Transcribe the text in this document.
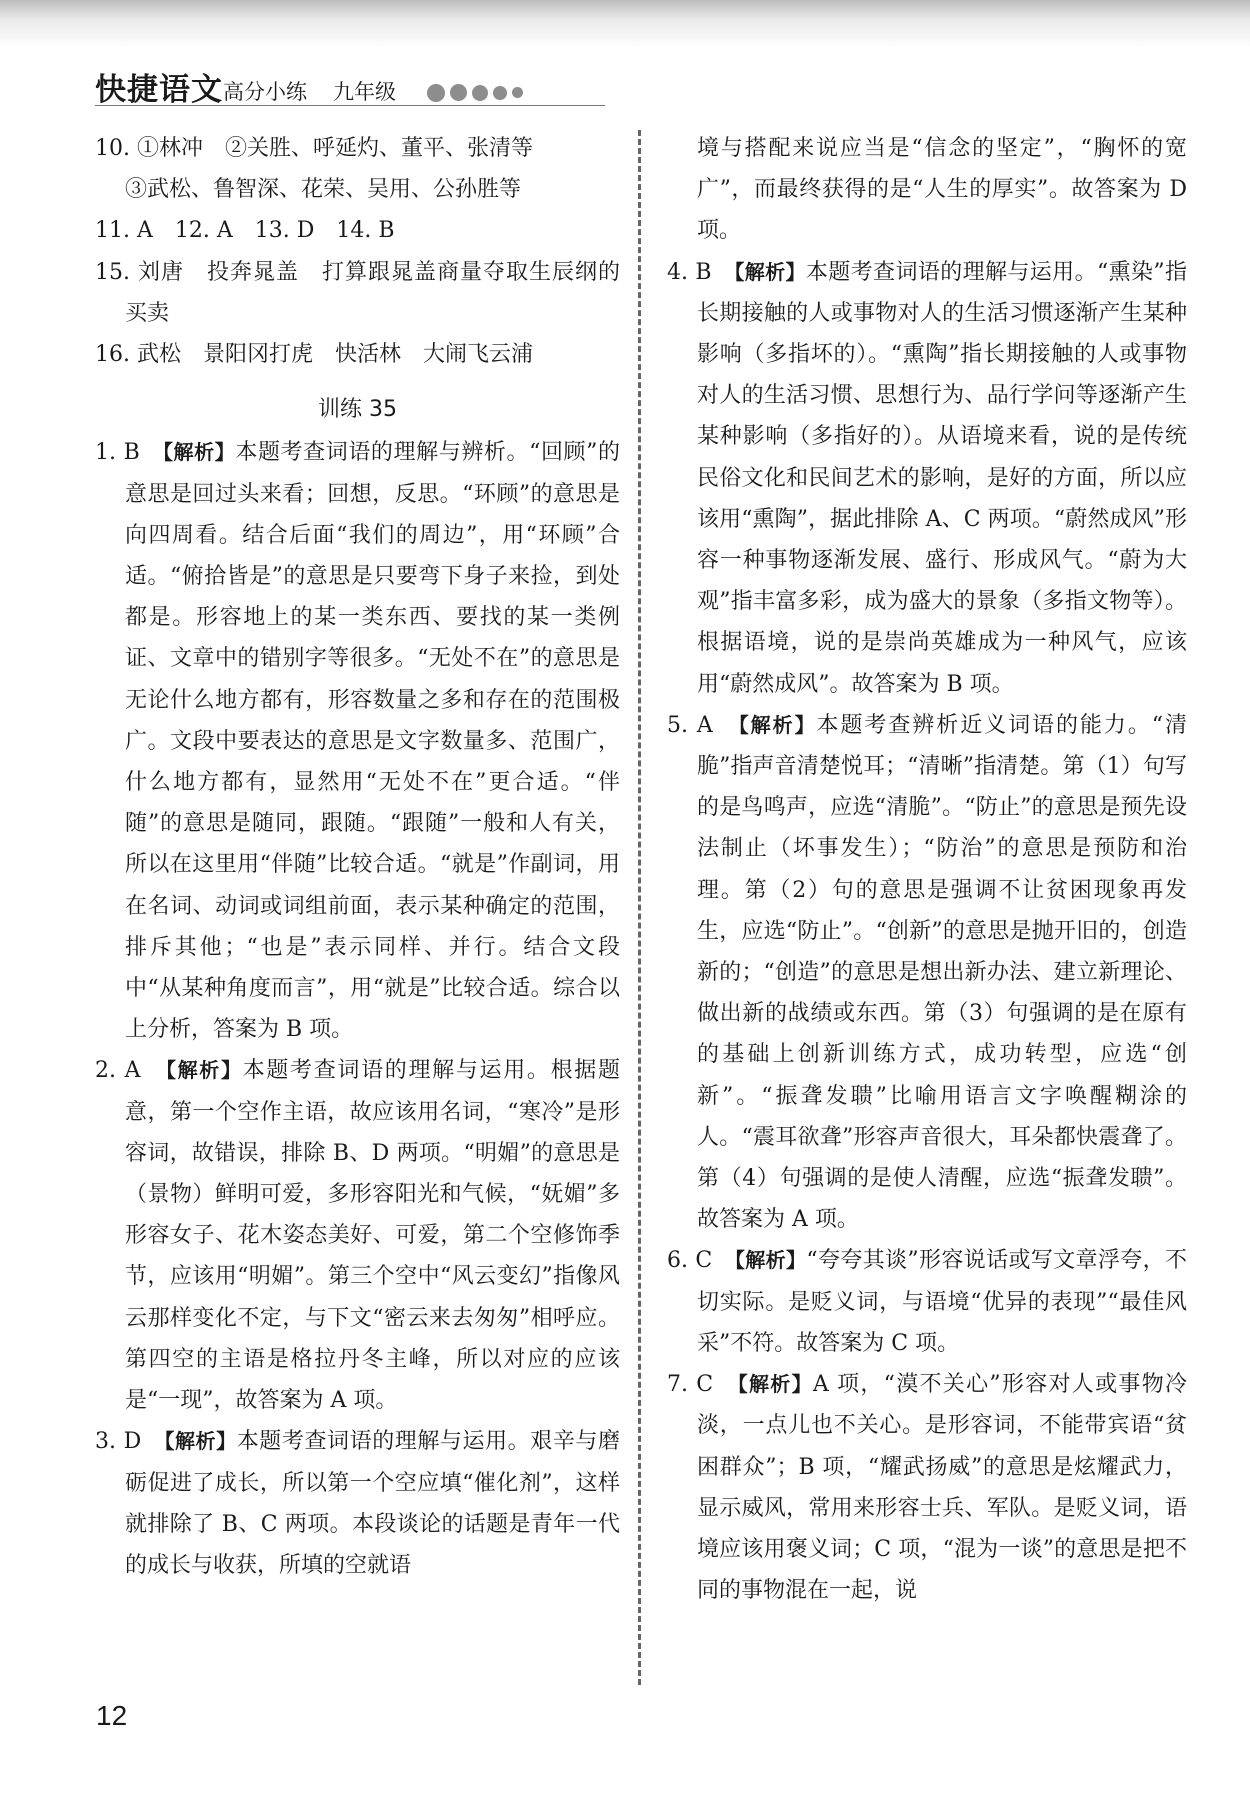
快捷语文 高分小练 九年级

10. ①林冲　②关胜、呼延灼、董平、张清等

③武松、鲁智深、花荣、吴用、公孙胜等

11. A　12. A　13. D　14. B

15. 刘唐　投奔晁盖　打算跟晁盖商量夺取生辰纲的买卖

16. 武松　景阳冈打虎　快活林　大闹飞云浦

训练 35

1. B　【解析】本题考查词语的理解与辨析。“回顾”的意思是回过头来看；回想，反思。“环顾”的意思是向四周看。结合后面“我们的周边”，用“环顾”合适。“俯拾皆是”的意思是只要弯下身子来捡，到处都是。形容地上的某一类东西、要找的某一类例证、文章中的错别字等很多。“无处不在”的意思是无论什么地方都有，形容数量之多和存在的范围极广。文段中要表达的意思是文字数量多、范围广，什么地方都有，显然用“无处不在”更合适。“伴随”的意思是随同，跟随。“跟随”一般和人有关，所以在这里用“伴随”比较合适。“就是”作副词，用在名词、动词或词组前面，表示某种确定的范围，排斥其他；“也是”表示同样、并行。结合文段中“从某种角度而言”，用“就是”比较合适。综合以上分析，答案为 B 项。

2. A　【解析】本题考查词语的理解与运用。根据题意，第一个空作主语，故应该用名词，“寒冷”是形容词，故错误，排除 B、D 两项。“明媚”的意思是（景物）鲜明可爱，多形容阳光和气候，“妩媚”多形容女子、花木姿态美好、可爱，第二个空修饰季节，应该用“明媚”。第三个空中“风云变幻”指像风云那样变化不定，与下文“密云来去匆匆”相呼应。第四空的主语是格拉丹冬主峰，所以对应的应该是“一现”，故答案为 A 项。

3. D　【解析】本题考查词语的理解与运用。艰辛与磨砺促进了成长，所以第一个空应填“催化剂”，这样就排除了 B、C 两项。本段谈论的话题是青年一代的成长与收获，所填的空就语

境与搭配来说应当是“信念的坚定”，“胸怀的宽广”，而最终获得的是“人生的厚实”。故答案为 D 项。

4. B　【解析】本题考查词语的理解与运用。“熏染”指长期接触的人或事物对人的生活习惯逐渐产生某种影响（多指坏的）。“熏陶”指长期接触的人或事物对人的生活习惯、思想行为、品行学问等逐渐产生某种影响（多指好的）。从语境来看，说的是传统民俗文化和民间艺术的影响，是好的方面，所以应该用“熏陶”，据此排除 A、C 两项。“蔚然成风”形容一种事物逐渐发展、盛行、形成风气。“蔚为大观”指丰富多彩，成为盛大的景象（多指文物等）。根据语境，说的是崇尚英雄成为一种风气，应该用“蔚然成风”。故答案为 B 项。

5. A　【解析】本题考查辨析近义词语的能力。“清脆”指声音清楚悦耳；“清晰”指清楚。第（1）句写的是鸟鸣声，应选“清脆”。“防止”的意思是预先设法制止（坏事发生）；“防治”的意思是预防和治理。第（2）句的意思是强调不让贫困现象再发生，应选“防止”。“创新”的意思是抛开旧的，创造新的；“创造”的意思是想出新办法、建立新理论、做出新的战绩或东西。第（3）句强调的是在原有的基础上创新训练方式，成功转型，应选“创新”。“振聋发聩”比喻用语言文字唤醒糊涂的人。“震耳欲聋”形容声音很大，耳朵都快震聋了。第（4）句强调的是使人清醒，应选“振聋发聩”。故答案为 A 项。

6. C　【解析】“夸夸其谈”形容说话或写文章浮夸，不切实际。是贬义词，与语境“优异的表现”“最佳风采”不符。故答案为 C 项。

7. C　【解析】A 项，“漠不关心”形容对人或事物冷淡，一点儿也不关心。是形容词，不能带宾语“贫困群众”；B 项，“耀武扬威”的意思是炫耀武力，显示威风，常用来形容士兵、军队。是贬义词，语境应该用褒义词；C 项，“混为一谈”的意思是把不同的事物混在一起，说

12
